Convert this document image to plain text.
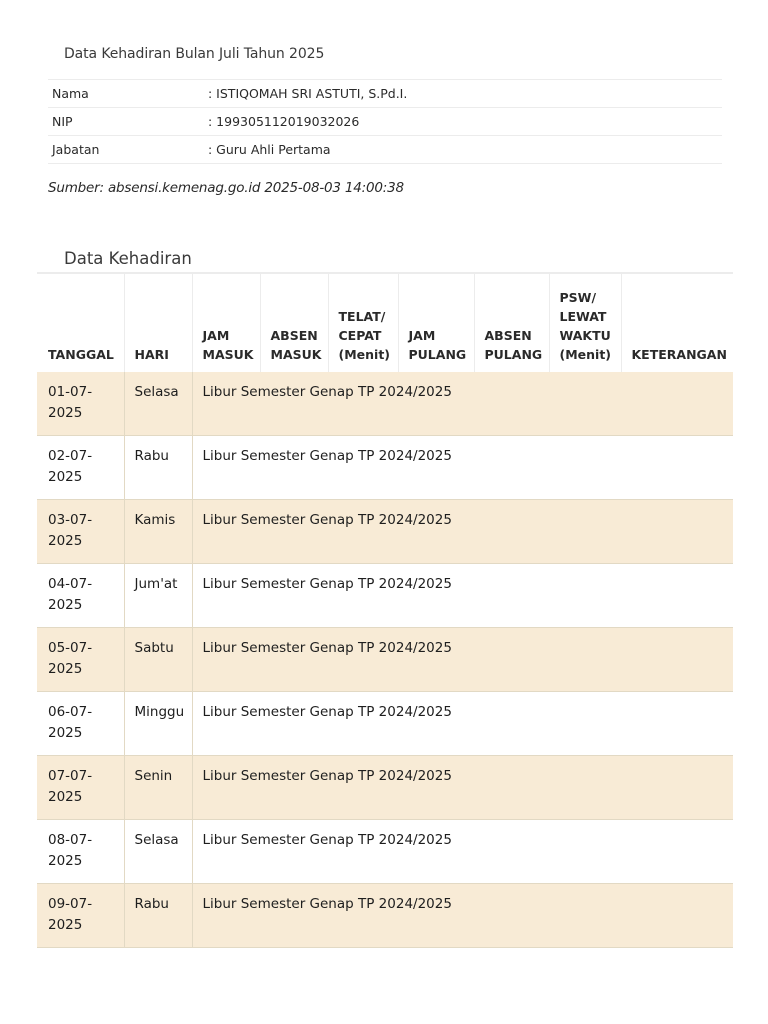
Data Kehadiran Bulan Juli Tahun 2025
Nama	: ISTIQOMAH SRI ASTUTI, S.Pd.I.
NIP	: 199305112019032026
Jabatan	: Guru Ahli Pertama
Sumber: absensi.kemenag.go.id 2025-08-03 14:00:38
Data Kehadiran
TANGGAL	HARI	JAM MASUK	ABSEN MASUK	TELAT/ CEPAT (Menit)	JAM PULANG	ABSEN PULANG	PSW/ LEWAT WAKTU (Menit)	KETERANGAN
01-07-2025	Selasa	Libur Semester Genap TP 2024/2025						
02-07-2025	Rabu	Libur Semester Genap TP 2024/2025						
03-07-2025	Kamis	Libur Semester Genap TP 2024/2025						
04-07-2025	Jum'at	Libur Semester Genap TP 2024/2025						
05-07-2025	Sabtu	Libur Semester Genap TP 2024/2025						
06-07-2025	Minggu	Libur Semester Genap TP 2024/2025						
07-07-2025	Senin	Libur Semester Genap TP 2024/2025						
08-07-2025	Selasa	Libur Semester Genap TP 2024/2025						
09-07-2025	Rabu	Libur Semester Genap TP 2024/2025						
